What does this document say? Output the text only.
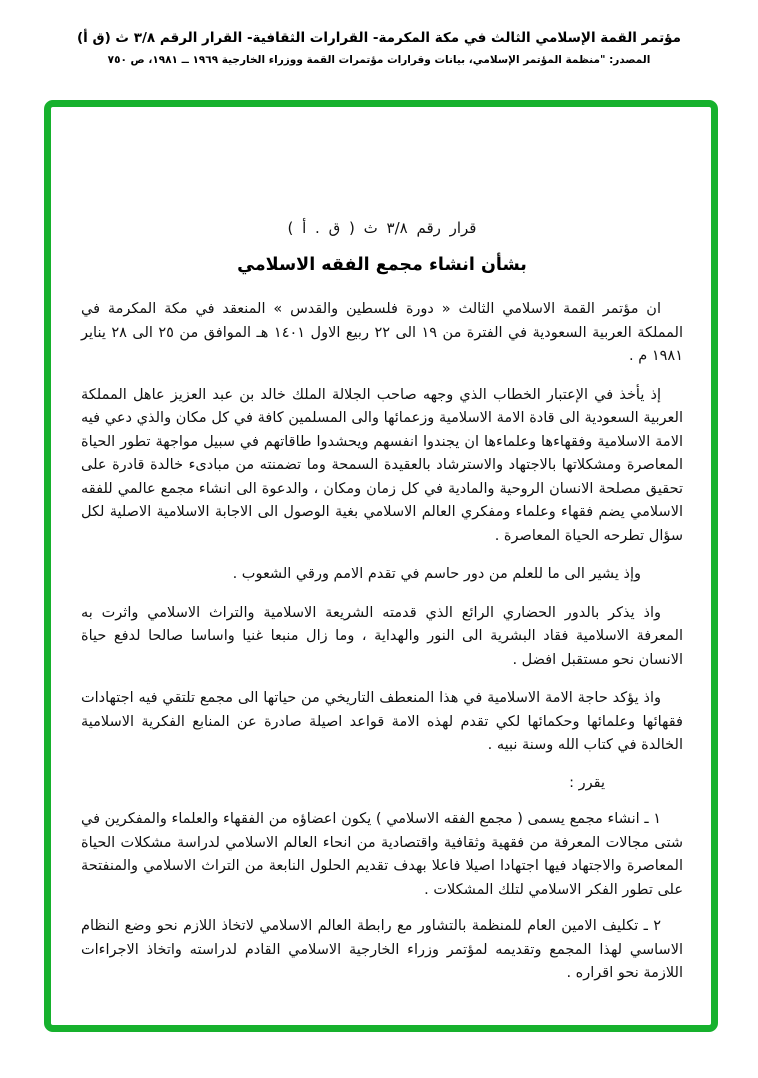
مؤتمر القمة الإسلامي الثالث في مكة المكرمة- القرارات الثقافية- القرار الرقم ٣/٨ ث (ق أ)
المصدر: "منظمة المؤتمر الإسلامي، بيانات وقرارات مؤتمرات القمة ووزراء الخارجية ١٩٦٩ ــ ١٩٨١، ص ٧٥٠
قرار رقم ٣/٨ ث ( ق . أ )
بشأن انشاء مجمع الفقه الاسلامي

ان مؤتمر القمة الاسلامي الثالث « دورة فلسطين والقدس » المنعقد في مكة المكرمة في المملكة العربية السعودية في الفترة من ١٩ الى ٢٢ ربيع الاول ١٤٠١ هـ الموافق من ٢٥ الى ٢٨ يناير ١٩٨١ م .

إذ يأخذ في الإعتبار الخطاب الذي وجهه صاحب الجلالة الملك خالد بن عبد العزيز عاهل المملكة العربية السعودية الى قادة الامة الاسلامية وزعمائها والى المسلمين كافة في كل مكان والذي دعي فيه الامة الاسلامية وفقهاءها وعلماءها ان يجندوا انفسهم ويحشدوا طاقاتهم في سبيل مواجهة تطور الحياة المعاصرة ومشكلاتها بالاجتهاد والاسترشاد بالعقيدة السمحة وما تضمنته من مبادىء خالدة قادرة على تحقيق مصلحة الانسان الروحية والمادية في كل زمان ومكان ، والدعوة الى انشاء مجمع عالمي للفقه الاسلامي يضم فقهاء وعلماء ومفكري العالم الاسلامي بغية الوصول الى الاجابة الاسلامية الاصلية لكل سؤال تطرحه الحياة المعاصرة .

وإذ يشير الى ما للعلم من دور حاسم في تقدم الامم ورقي الشعوب .

واذ يذكر بالدور الحضاري الرائع الذي قدمته الشريعة الاسلامية والتراث الاسلامي واثرت به المعرفة الاسلامية فقاد البشرية الى النور والهداية ، وما زال منبعا غنيا واساسا صالحا لدفع حياة الانسان نحو مستقبل افضل .

واذ يؤكد حاجة الامة الاسلامية في هذا المنعطف التاريخي من حياتها الى مجمع تلتقي فيه اجتهادات فقهائها وعلمائها وحكمائها لكي تقدم لهذه الامة قواعد اصيلة صادرة عن المنابع الفكرية الاسلامية الخالدة في كتاب الله وسنة نبيه .

يقرر :

١ ـ انشاء مجمع يسمى ( مجمع الفقه الاسلامي ) يكون اعضاؤه من الفقهاء والعلماء والمفكرين في شتى مجالات المعرفة من فقهية وثقافية واقتصادية من انحاء العالم الاسلامي لدراسة مشكلات الحياة المعاصرة والاجتهاد فيها اجتهادا اصيلا فاعلا بهدف تقديم الحلول النابعة من التراث الاسلامي والمنفتحة على تطور الفكر الاسلامي لتلك المشكلات .

٢ ـ تكليف الامين العام للمنظمة بالتشاور مع رابطة العالم الاسلامي لاتخاذ اللازم نحو وضع النظام الاساسي لهذا المجمع وتقديمه لمؤتمر وزراء الخارجية الاسلامي القادم لدراسته واتخاذ الاجراءات اللازمة نحو اقراره .
